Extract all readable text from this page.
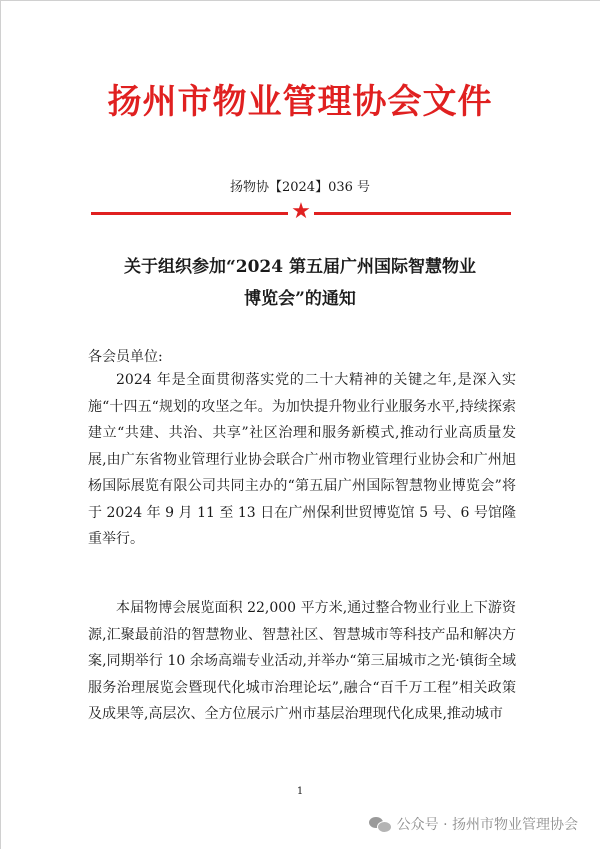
扬州市物业管理协会文件
扬物协【2024】036 号
★
关于组织参加“2024 第五届广州国际智慧物业
博览会”的通知
各会员单位:

2024 年是全面贯彻落实党的二十大精神的关键之年,是深入实施“十四五“规划的攻坚之年。为加快提升物业行业服务水平,持续探索建立“共建、共治、共享”社区治理和服务新模式,推动行业高质量发展,由广东省物业管理行业协会联合广州市物业管理行业协会和广州旭杨国际展览有限公司共同主办的“第五届广州国际智慧物业博览会”将于 2024 年 9 月 11 至 13 日在广州保利世贸博览馆 5 号、6 号馆隆重举行。

本届物博会展览面积 22,000 平方米,通过整合物业行业上下游资源,汇聚最前沿的智慧物业、智慧社区、智慧城市等科技产品和解决方案,同期举行 10 余场高端专业活动,并举办“第三届城市之光·镇街全域服务治理展览会暨现代化城市治理论坛”,融合“百千万工程”相关政策及成果等,高层次、全方位展示广州市基层治理现代化成果,推动城市

1
公众号 · 扬州市物业管理协会
